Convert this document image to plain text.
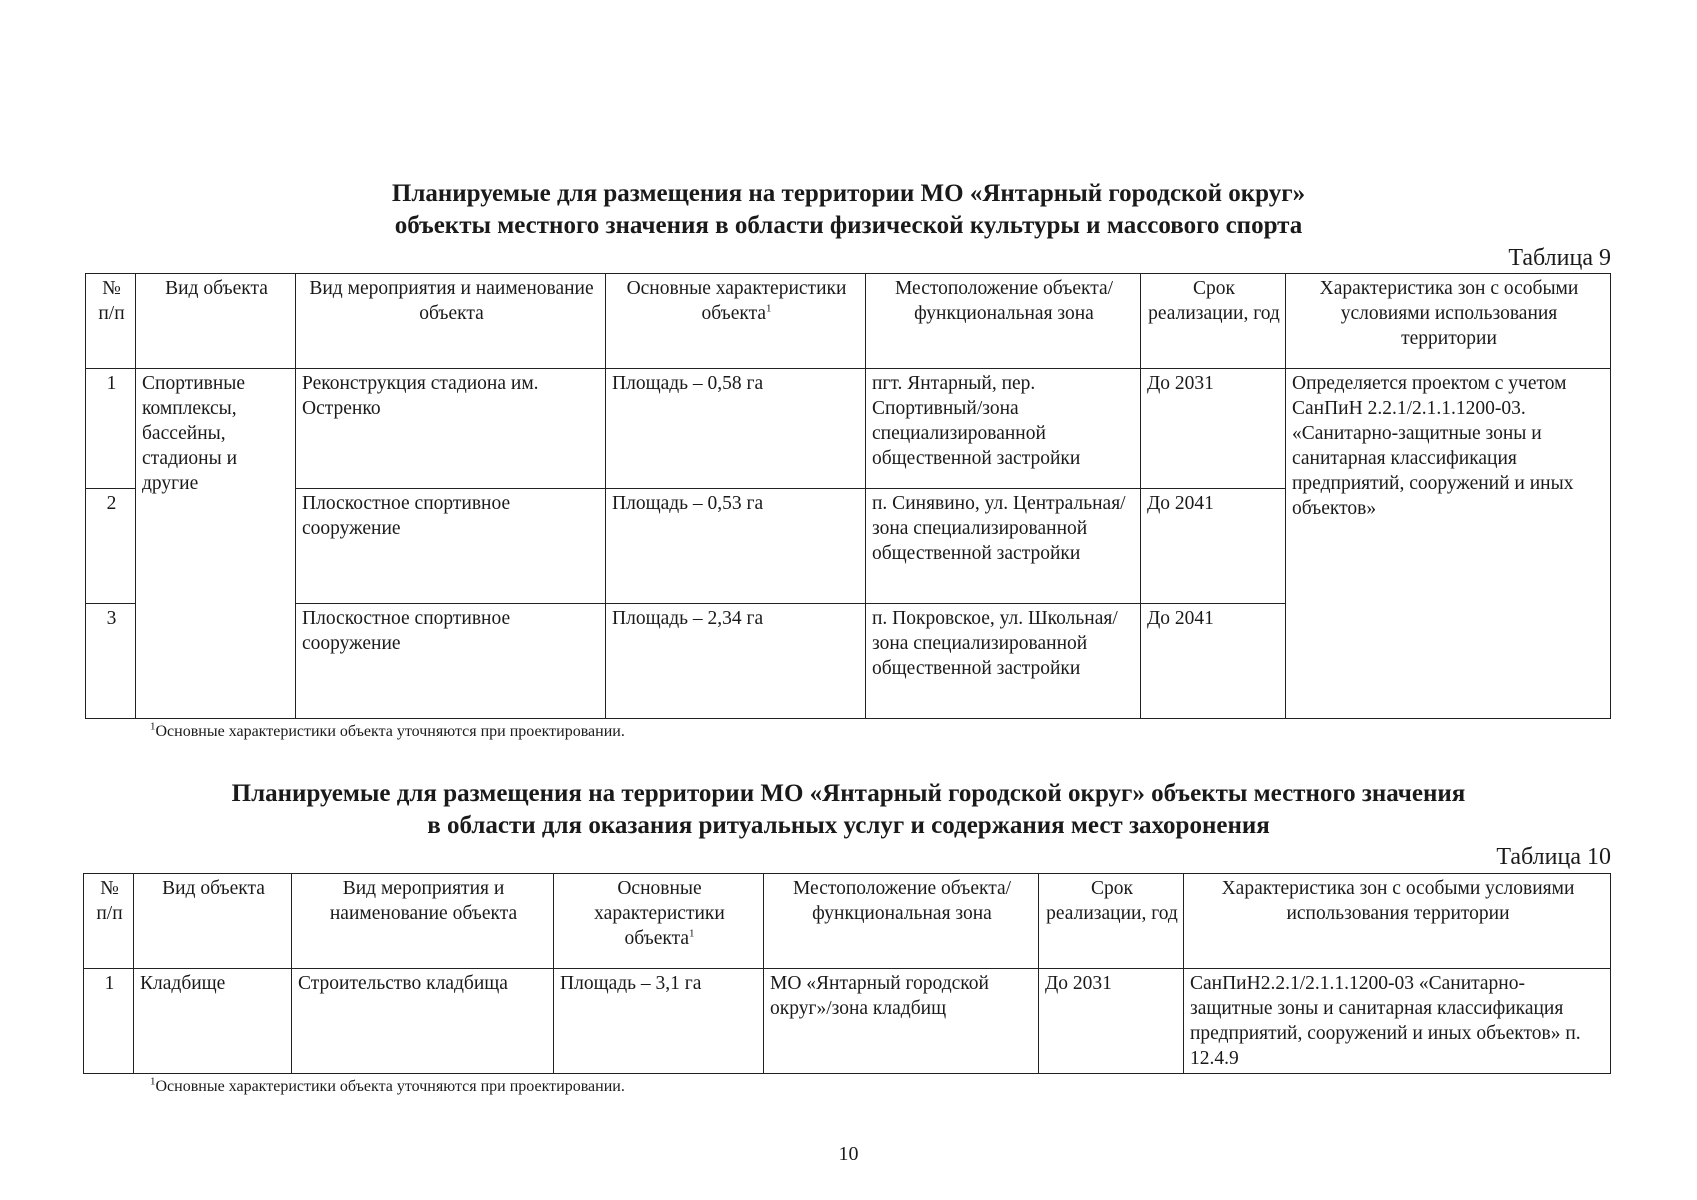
Планируемые для размещения на территории МО «Янтарный городской округ»
объекты местного значения в области физической культуры и массового спорта
Таблица 9
№ п/п	Вид объекта	Вид мероприятия и наименование объекта	Основные характеристики объекта$^1$	Местоположение объекта/ функциональная зона	Срок реализации, год	Характеристика зон с особыми условиями использования территории
1	Спортивные комплексы, бассейны, стадионы и другие	Реконструкция стадиона им. Остренко	Площадь – 0,58 га	пгт. Янтарный, пер. Спортивный/зона специализированной общественной застройки	До 2031	Определяется проектом с учетом СанПиН 2.2.1/2.1.1.1200-03. «Санитарно-защитные зоны и санитарная классификация предприятий, сооружений и иных объектов»
2		Плоскостное спортивное сооружение	Площадь – 0,53 га	п. Синявино, ул. Центральная/зона специализированной общественной застройки	До 2041	
3		Плоскостное спортивное сооружение	Площадь – 2,34 га	п. Покровское, ул. Школьная/зона специализированной общественной застройки	До 2041	
$^1$Основные характеристики объекта уточняются при проектировании.
Планируемые для размещения на территории МО «Янтарный городской округ» объекты местного значения
в области для оказания ритуальных услуг и содержания мест захоронения
Таблица 10
№ п/п	Вид объекта	Вид мероприятия и наименование объекта	Основные характеристики объекта$^1$	Местоположение объекта/ функциональная зона	Срок реализации, год	Характеристика зон с особыми условиями использования территории
1	Кладбище	Строительство кладбища	Площадь – 3,1 га	МО «Янтарный городской округ»/зона кладбищ	До 2031	СанПиН2.2.1/2.1.1.1200-03 «Санитарно-защитные зоны и санитарная классификация предприятий, сооружений и иных объектов» п. 12.4.9
$^1$Основные характеристики объекта уточняются при проектировании.
10
